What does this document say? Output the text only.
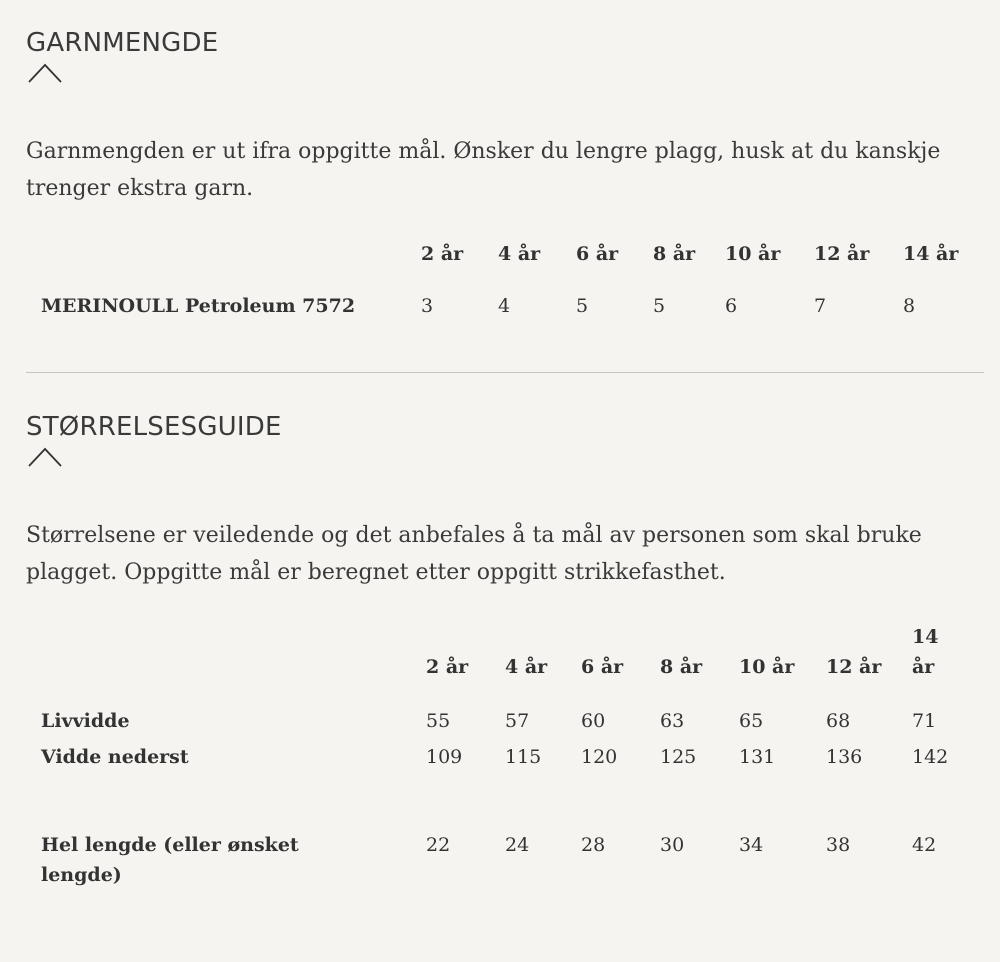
GARNMENGDE

Garnmengden er ut ifra oppgitte mål. Ønsker du lengre plagg, husk at du kanskje trenger ekstra garn.

	2 år	4 år	6 år	8 år	10 år	12 år	14 år
MERINOULL Petroleum 7572	3	4	5	5	6	7	8
STØRRELSESGUIDE

Størrelsene er veiledende og det anbefales å ta mål av personen som skal bruke plagget. Oppgitte mål er beregnet etter oppgitt strikkefasthet.

	2 år	4 år	6 år	8 år	10 år	12 år	14 år
Livvidde	55	57	60	63	65	68	71
Vidde nederst	109	115	120	125	131	136	142
Hel lengde (eller ønsket lengde)	22	24	28	30	34	38	42
